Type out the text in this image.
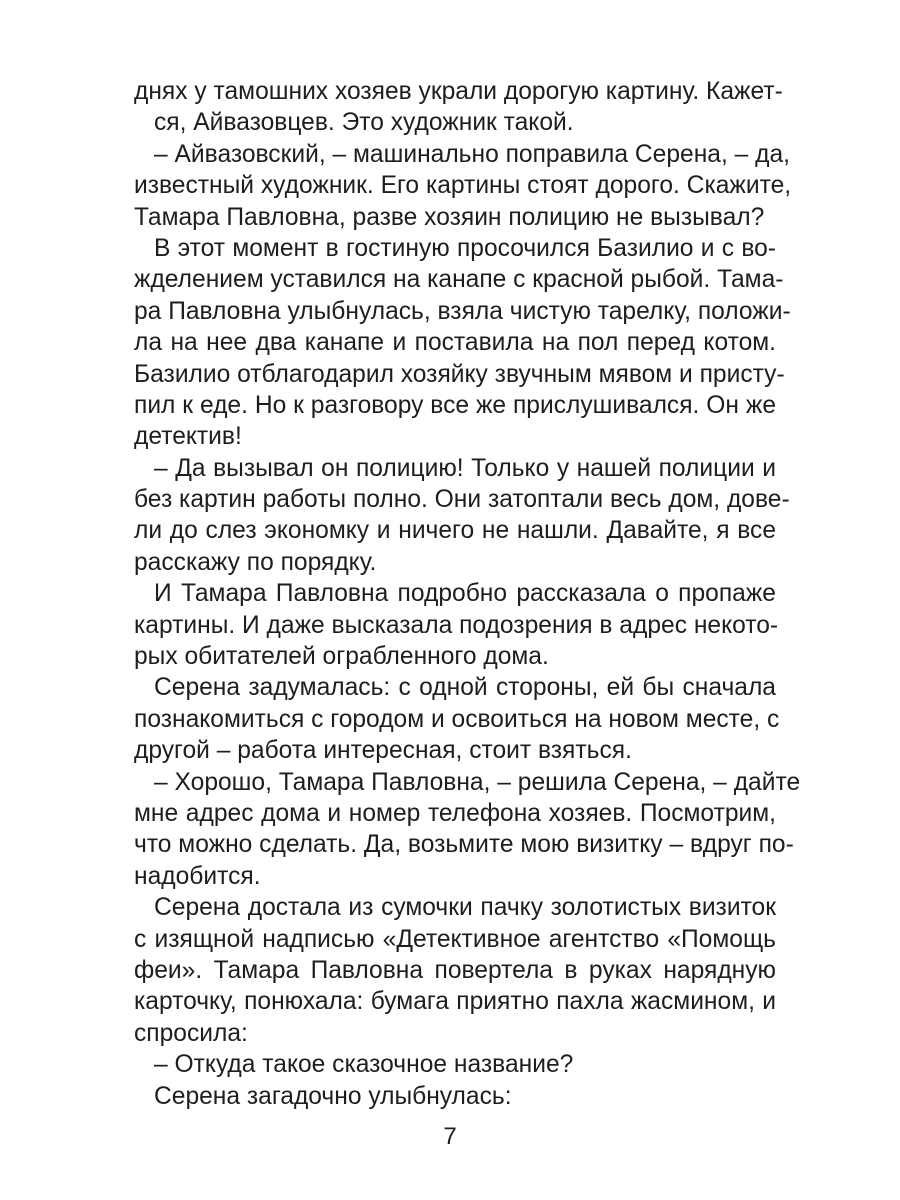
днях у тамошних хозяев украли дорогую картину. Кажет-
ся, Айвазовцев. Это художник такой.
– Айвазовский, – машинально поправила Серена, – да,
известный художник. Его картины стоят дорого. Скажите,
Тамара Павловна, разве хозяин полицию не вызывал?
В этот момент в гостиную просочился Базилио и с во-
жделением уставился на канапе с красной рыбой. Тама-
ра Павловна улыбнулась, взяла чистую тарелку, положи-
ла на нее два канапе и поставила на пол перед котом.
Базилио отблагодарил хозяйку звучным мявом и присту-
пил к еде. Но к разговору все же прислушивался. Он же
детектив!
– Да вызывал он полицию! Только у нашей полиции и
без картин работы полно. Они затоптали весь дом, дове-
ли до слез экономку и ничего не нашли. Давайте, я все
расскажу по порядку.
И Тамара Павловна подробно рассказала о пропаже
картины. И даже высказала подозрения в адрес некото-
рых обитателей ограбленного дома.
Серена задумалась: с одной стороны, ей бы сначала
познакомиться с городом и освоиться на новом месте, с
другой – работа интересная, стоит взяться.
– Хорошо, Тамара Павловна, – решила Серена, – дайте
мне адрес дома и номер телефона хозяев. Посмотрим,
что можно сделать. Да, возьмите мою визитку – вдруг по-
надобится.
Серена достала из сумочки пачку золотистых визиток
с изящной надписью «Детективное агентство «Помощь
феи». Тамара Павловна повертела в руках нарядную
карточку, понюхала: бумага приятно пахла жасмином, и
спросила:
– Откуда такое сказочное название?
Серена загадочно улыбнулась:
7
